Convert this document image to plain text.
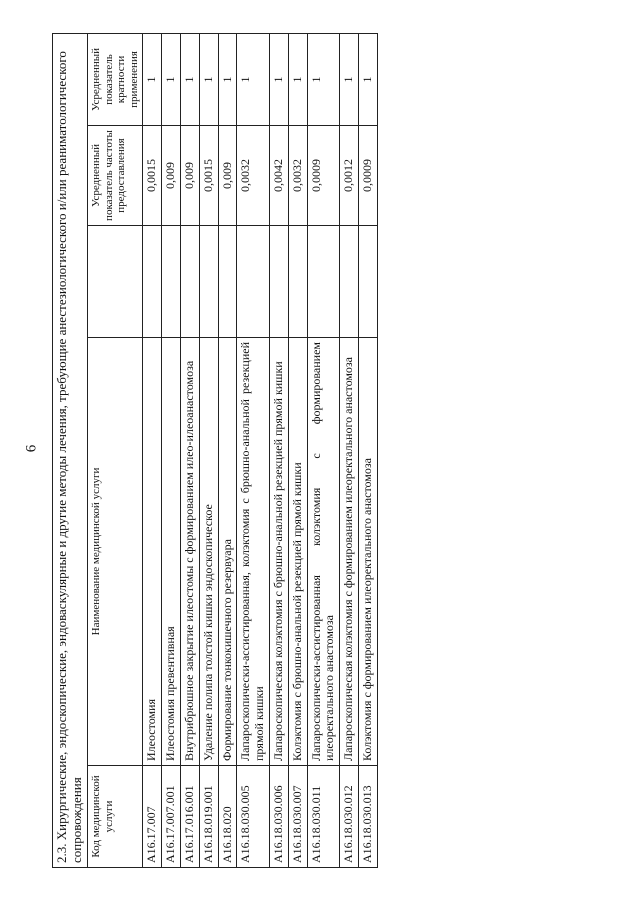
6 2.3. Хирургические, эндоскопические, эндоваскулярные и другие методы лечения, требующие анестезиологического и/или реаниматологического сопровождения				
Код медицинской услуги	Наименование медицинской услуги		Усредненный показатель частоты предоставления	Усредненный показатель кратности применения
A16.17.007	Илеостомия		0,0015	1
A16.17.007.001	Илеостомия превентивная		0,009	1
A16.17.016.001	Внутрибрюшное закрытие илеостомы с формированием илео-илеоанастомоза		0,009	1
A16.18.019.001	Удаление полипа толстой кишки эндоскопическое		0,0015	1
A16.18.020	Формирование тонкокишечного резервуара		0,009	1
A16.18.030.005	Лапароскопически-ассистированная, колэктомия с брюшно-анальной резекцией прямой кишки		0,0032	1
A16.18.030.006	Лапароскопическая колэктомия с брюшно-анальной резекцией прямой кишки		0,0042	1
A16.18.030.007	Колэктомия с брюшно-анальной резекцией прямой кишки		0,0032	1
A16.18.030.011	Лапароскопически-ассистированная колэктомия с формированием илеоректального анастомоза		0,0009	1
A16.18.030.012	Лапароскопическая колэктомия с формированием илеоректального анастомоза		0,0012	1
A16.18.030.013	Колэктомия с формированием илеоректального анастомоза		0,0009	1
